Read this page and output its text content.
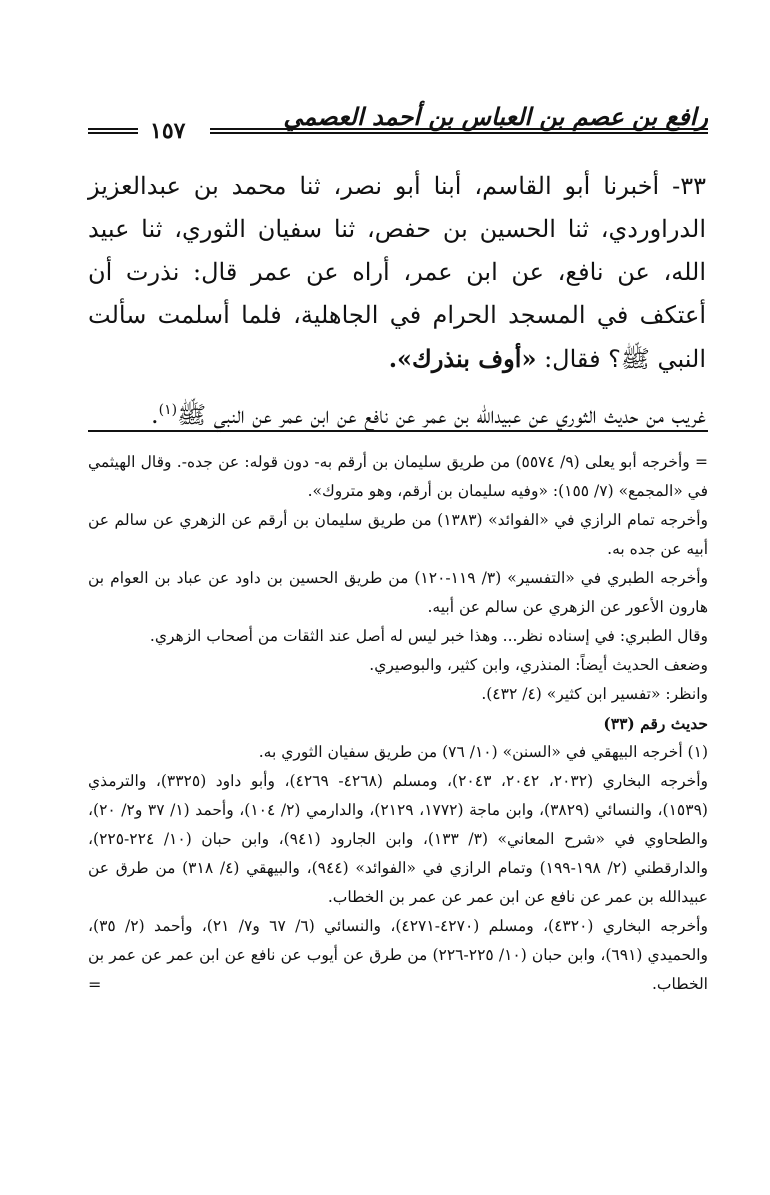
رافع بن عصم بن العباس بن أحمد العصمي
١٥٧

٣٣- أخبرنا أبو القاسم، أبنا أبو نصر، ثنا محمد بن عبدالعزيز الدراوردي، ثنا الحسين بن حفص، ثنا سفيان الثوري، ثنا عبيد الله، عن نافع، عن ابن عمر، أراه عن عمر قال: نذرت أن أعتكف في المسجد الحرام في الجاهلية، فلما أسلمت سألت النبي ﷺ؟ فقال: «أوف بنذرك».

غريب من حديث الثوري عن عبيدالله بن عمر عن نافع عن ابن عمر عن النبي ﷺ$^{(١)}$.

= وأخرجه أبو يعلى (٩/ ٥٥٧٤) من طريق سليمان بن أرقم به- دون قوله: عن جده-. وقال الهيثمي في «المجمع» (٧/ ١٥٥): «وفيه سليمان بن أرقم، وهو متروك».

وأخرجه تمام الرازي في «الفوائد» (١٣٨٣) من طريق سليمان بن أرقم عن الزهري عن سالم عن أبيه عن جده به.

وأخرجه الطبري في «التفسير» (٣/ ١١٩-١٢٠) من طريق الحسين بن داود عن عباد بن العوام بن هارون الأعور عن الزهري عن سالم عن أبيه.

وقال الطبري: في إسناده نظر... وهذا خبر ليس له أصل عند الثقات من أصحاب الزهري.

وضعف الحديث أيضاً: المنذري، وابن كثير، والبوصيري.

وانظر: «تفسير ابن كثير» (٤/ ٤٣٢).

حديث رقم (٣٣)

(١) أخرجه البيهقي في «السنن» (١٠/ ٧٦) من طريق سفيان الثوري به.

وأخرجه البخاري (٢٠٣٢، ٢٠٤٢، ٢٠٤٣)، ومسلم (٤٢٦٨- ٤٢٦٩)، وأبو داود (٣٣٢٥)، والترمذي (١٥٣٩)، والنسائي (٣٨٢٩)، وابن ماجة (١٧٧٢، ٢١٢٩)، والدارمي (٢/ ١٠٤)، وأحمد (١/ ٣٧ و٢/ ٢٠)، والطحاوي في «شرح المعاني» (٣/ ١٣٣)، وابن الجارود (٩٤١)، وابن حبان (١٠/ ٢٢٤-٢٢٥)، والدارقطني (٢/ ١٩٨-١٩٩) وتمام الرازي في «الفوائد» (٩٤٤)، والبيهقي (٤/ ٣١٨) من طرق عن عبيدالله بن عمر عن نافع عن ابن عمر عن عمر بن الخطاب.

وأخرجه البخاري (٤٣٢٠)، ومسلم (٤٢٧٠-٤٢٧١)، والنسائي (٦/ ٦٧ و٧/ ٢١)، وأحمد (٢/ ٣٥)، والحميدي (٦٩١)، وابن حبان (١٠/ ٢٢٥-٢٢٦) من طرق عن أيوب عن نافع عن ابن عمر عن عمر بن الخطاب.
=
